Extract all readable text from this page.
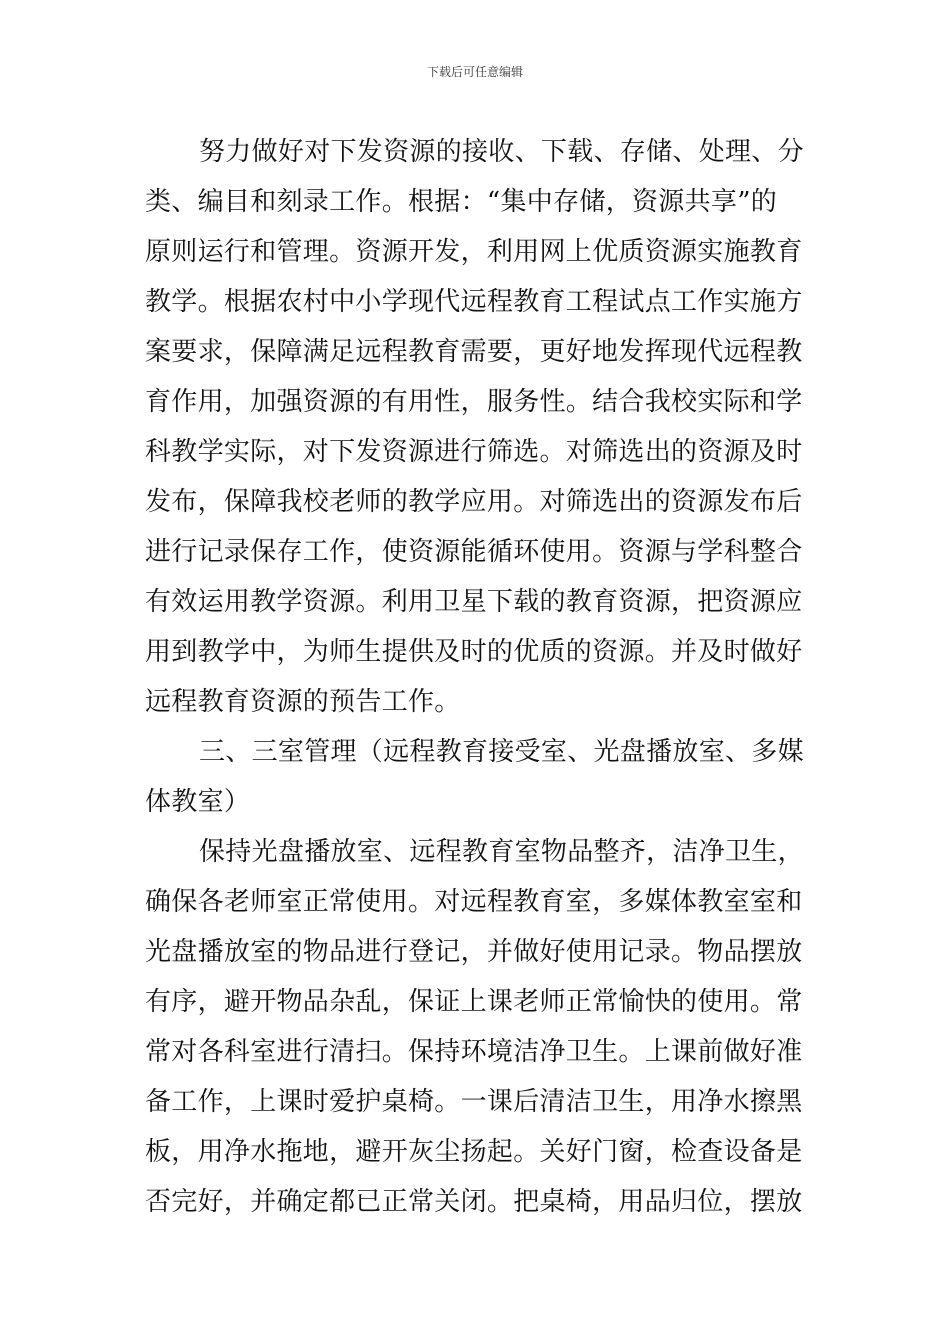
下载后可任意编辑
努力做好对下发资源的接收、下载、存储、处理、分
类、编目和刻录工作。根据：“集中存储，资源共享”的
原则运行和管理。资源开发，利用网上优质资源实施教育
教学。根据农村中小学现代远程教育工程试点工作实施方
案要求，保障满足远程教育需要，更好地发挥现代远程教
育作用，加强资源的有用性，服务性。结合我校实际和学
科教学实际，对下发资源进行筛选。对筛选出的资源及时
发布，保障我校老师的教学应用。对筛选出的资源发布后
进行记录保存工作，使资源能循环使用。资源与学科整合
有效运用教学资源。利用卫星下载的教育资源，把资源应
用到教学中，为师生提供及时的优质的资源。并及时做好
远程教育资源的预告工作。
三、三室管理（远程教育接受室、光盘播放室、多媒
体教室）
保持光盘播放室、远程教育室物品整齐，洁净卫生，
确保各老师室正常使用。对远程教育室，多媒体教室室和
光盘播放室的物品进行登记，并做好使用记录。物品摆放
有序，避开物品杂乱，保证上课老师正常愉快的使用。常
常对各科室进行清扫。保持环境洁净卫生。上课前做好准
备工作，上课时爱护桌椅。一课后清洁卫生，用净水擦黑
板，用净水拖地，避开灰尘扬起。关好门窗，检查设备是
否完好，并确定都已正常关闭。把桌椅，用品归位，摆放
